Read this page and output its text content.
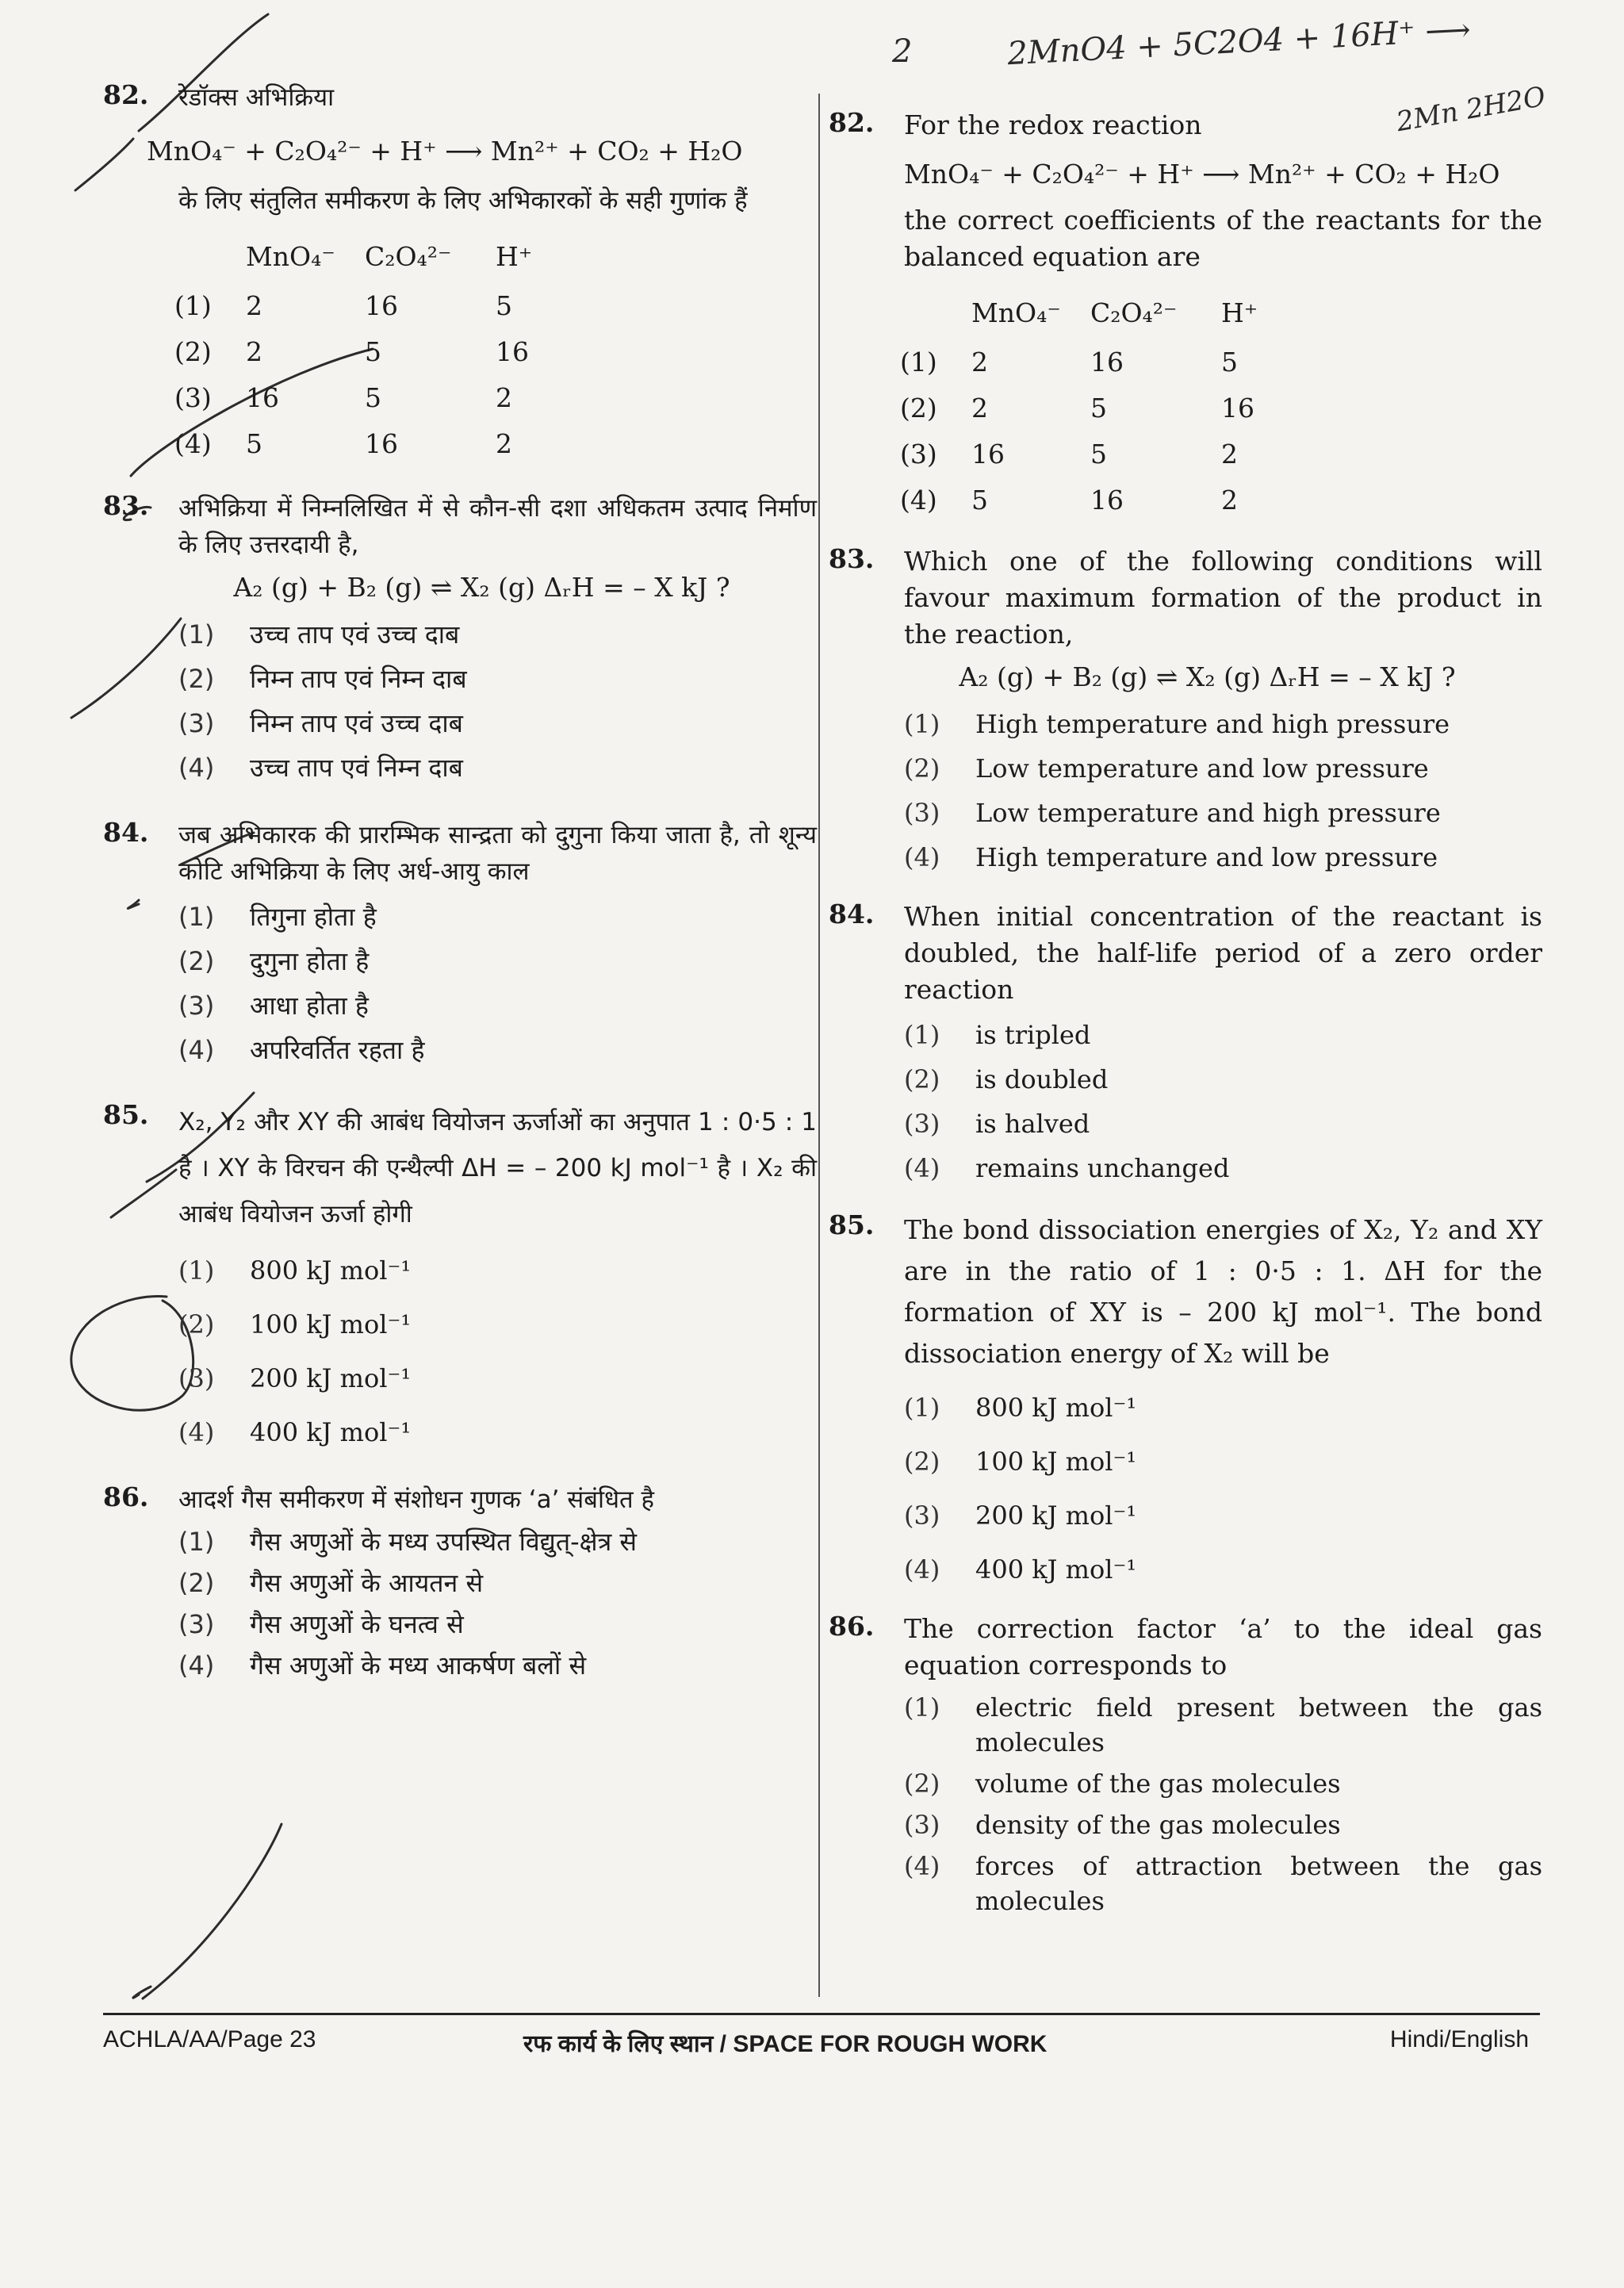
2	2MnO4 + 5C2O4 + 16H⁺ ⟶
2Mn 2H2O
82. रेडॉक्स अभिक्रिया
MnO₄⁻ + C₂O₄²⁻ + H⁺ ⟶ Mn²⁺ + CO₂ + H₂O
के लिए संतुलित समीकरण के लिए अभिकारकों के सही गुणांक हैं
MnO₄⁻	C₂O₄²⁻	H⁺
(1)	2	16	5
(2)	2	5	16
(3)	16	5	2
(4)	5	16	2
83. अभिक्रिया में निम्नलिखित में से कौन-सी दशा अधिकतम उत्पाद निर्माण के लिए उत्तरदायी है,
A₂ (g) + B₂ (g) ⇌ X₂ (g) ΔᵣH = – X kJ ?
(1)	उच्च ताप एवं उच्च दाब
(2)	निम्न ताप एवं निम्न दाब
(3)	निम्न ताप एवं उच्च दाब
(4)	उच्च ताप एवं निम्न दाब
84. जब अभिकारक की प्रारम्भिक सान्द्रता को दुगुना किया जाता है, तो शून्य कोटि अभिक्रिया के लिए अर्ध-आयु काल
(1)	तिगुना होता है
(2)	दुगुना होता है
(3)	आधा होता है
(4)	अपरिवर्तित रहता है
85. X₂, Y₂ और XY की आबंध वियोजन ऊर्जाओं का अनुपात 1 : 0·5 : 1 है । XY के विरचन की एन्थैल्पी ΔH = – 200 kJ mol⁻¹ है । X₂ की आबंध वियोजन ऊर्जा होगी
(1)	800 kJ mol⁻¹
(2)	100 kJ mol⁻¹
(3)	200 kJ mol⁻¹
(4)	400 kJ mol⁻¹
86. आदर्श गैस समीकरण में संशोधन गुणक ‘a’ संबंधित है
(1)	गैस अणुओं के मध्य उपस्थित विद्युत्-क्षेत्र से
(2)	गैस अणुओं के आयतन से
(3)	गैस अणुओं के घनत्व से
(4)	गैस अणुओं के मध्य आकर्षण बलों से
82. For the redox reaction
MnO₄⁻ + C₂O₄²⁻ + H⁺ ⟶ Mn²⁺ + CO₂ + H₂O
the correct coefficients of the reactants for the balanced equation are
MnO₄⁻	C₂O₄²⁻	H⁺
(1)	2	16	5
(2)	2	5	16
(3)	16	5	2
(4)	5	16	2
83. Which one of the following conditions will favour maximum formation of the product in the reaction,
A₂ (g) + B₂ (g) ⇌ X₂ (g) ΔᵣH = – X kJ ?
(1)	High temperature and high pressure
(2)	Low temperature and low pressure
(3)	Low temperature and high pressure
(4)	High temperature and low pressure
84. When initial concentration of the reactant is doubled, the half-life period of a zero order reaction
(1)	is tripled
(2)	is doubled
(3)	is halved
(4)	remains unchanged
85. The bond dissociation energies of X₂, Y₂ and XY are in the ratio of 1 : 0·5 : 1. ΔH for the formation of XY is – 200 kJ mol⁻¹. The bond dissociation energy of X₂ will be
(1)	800 kJ mol⁻¹
(2)	100 kJ mol⁻¹
(3)	200 kJ mol⁻¹
(4)	400 kJ mol⁻¹
86. The correction factor ‘a’ to the ideal gas equation corresponds to
(1)	electric field present between the gas molecules
(2)	volume of the gas molecules
(3)	density of the gas molecules
(4)	forces of attraction between the gas molecules
ACHLA/AA/Page 23	रफ कार्य के लिए स्थान / SPACE FOR ROUGH WORK	Hindi/English
